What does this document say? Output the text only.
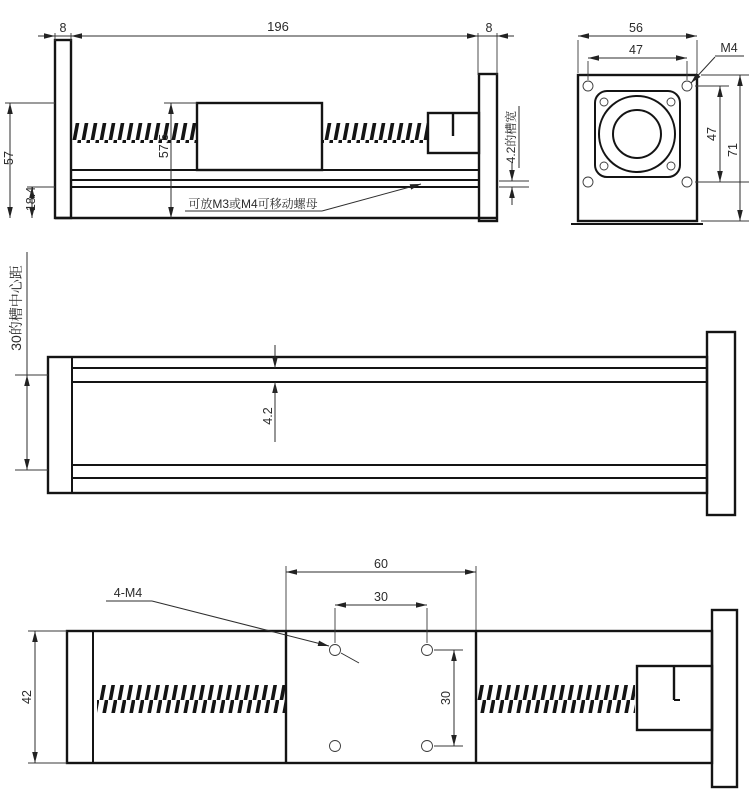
8	196	8
57
18.4
57.5	4.2的槽宽
可放M3或M4可移动螺母
56
47	M4
47
71
30的槽中心距
4.2
42
60
30
30
4-M4
